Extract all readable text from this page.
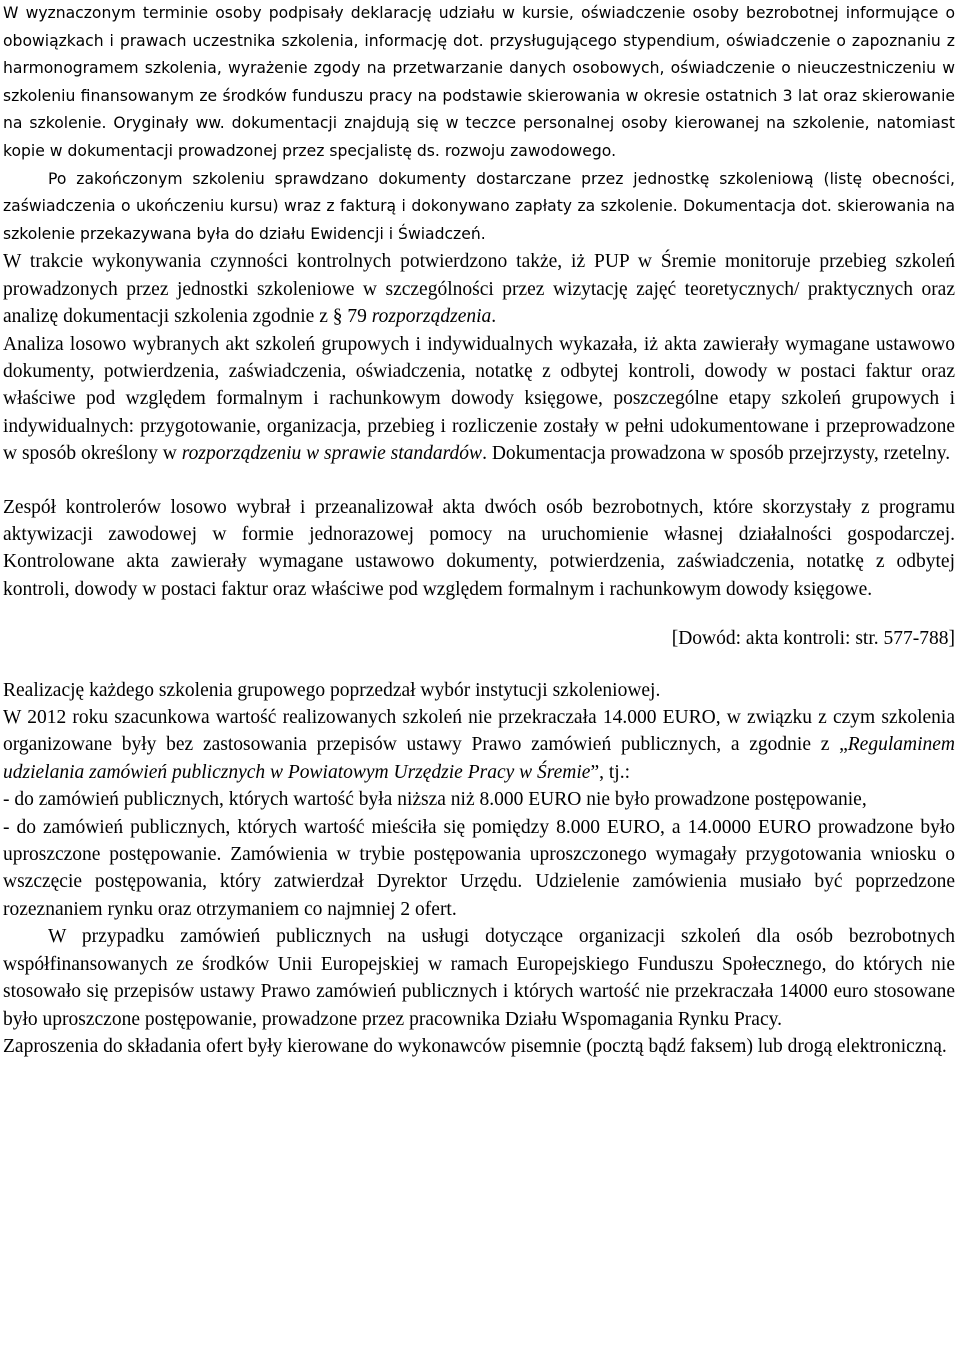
W wyznaczonym terminie osoby podpisały deklarację udziału w kursie, oświadczenie osoby bezrobotnej informujące o obowiązkach i prawach uczestnika szkolenia, informację dot. przysługującego stypendium, oświadczenie o zapoznaniu z harmonogramem szkolenia, wyrażenie zgody na przetwarzanie danych osobowych, oświadczenie o nieuczestniczeniu w szkoleniu finansowanym ze środków funduszu pracy na podstawie skierowania w okresie ostatnich 3 lat oraz skierowanie na szkolenie. Oryginały ww. dokumentacji znajdują się w teczce personalnej osoby kierowanej na szkolenie, natomiast kopie w dokumentacji prowadzonej przez specjalistę ds. rozwoju zawodowego.

Po zakończonym szkoleniu sprawdzano dokumenty dostarczane przez jednostkę szkoleniową (listę obecności, zaświadczenia o ukończeniu kursu) wraz z fakturą i dokonywano zapłaty za szkolenie. Dokumentacja dot. skierowania na szkolenie przekazywana była do działu Ewidencji i Świadczeń.

W trakcie wykonywania czynności kontrolnych potwierdzono także, iż PUP w Śremie monitoruje przebieg szkoleń prowadzonych przez jednostki szkoleniowe w szczególności przez wizytację zajęć teoretycznych/ praktycznych oraz analizę dokumentacji szkolenia zgodnie z § 79 rozporządzenia.

Analiza losowo wybranych akt szkoleń grupowych i indywidualnych wykazała, iż akta zawierały wymagane ustawowo dokumenty, potwierdzenia, zaświadczenia, oświadczenia, notatkę z odbytej kontroli, dowody w postaci faktur oraz właściwe pod względem formalnym i rachunkowym dowody księgowe, poszczególne etapy szkoleń grupowych i indywidualnych: przygotowanie, organizacja, przebieg i rozliczenie zostały w pełni udokumentowane i przeprowadzone w sposób określony w rozporządzeniu w sprawie standardów. Dokumentacja prowadzona w sposób przejrzysty, rzetelny.

Zespół kontrolerów losowo wybrał i przeanalizował akta dwóch osób bezrobotnych, które skorzystały z programu aktywizacji zawodowej w formie jednorazowej pomocy na uruchomienie własnej działalności gospodarczej. Kontrolowane akta zawierały wymagane ustawowo dokumenty, potwierdzenia, zaświadczenia, notatkę z odbytej kontroli, dowody w postaci faktur oraz właściwe pod względem formalnym i rachunkowym dowody księgowe.

[Dowód: akta kontroli: str. 577-788]

Realizację każdego szkolenia grupowego poprzedzał wybór instytucji szkoleniowej.

W 2012 roku szacunkowa wartość realizowanych szkoleń nie przekraczała 14.000 EURO, w związku z czym szkolenia organizowane były bez zastosowania przepisów ustawy Prawo zamówień publicznych, a zgodnie z „Regulaminem udzielania zamówień publicznych w Powiatowym Urzędzie Pracy w Śremie”, tj.:

- do zamówień publicznych, których wartość była niższa niż 8.000 EURO nie było prowadzone postępowanie,

- do zamówień publicznych, których wartość mieściła się pomiędzy 8.000 EURO, a 14.0000 EURO prowadzone było uproszczone postępowanie. Zamówienia w trybie postępowania uproszczonego wymagały przygotowania wniosku o wszczęcie postępowania, który zatwierdzał Dyrektor Urzędu. Udzielenie zamówienia musiało być poprzedzone rozeznaniem rynku oraz otrzymaniem co najmniej 2 ofert.

W przypadku zamówień publicznych na usługi dotyczące organizacji szkoleń dla osób bezrobotnych współfinansowanych ze środków Unii Europejskiej w ramach Europejskiego Funduszu Społecznego, do których nie stosowało się przepisów ustawy Prawo zamówień publicznych i których wartość nie przekraczała 14000 euro stosowane było uproszczone postępowanie, prowadzone przez pracownika Działu Wspomagania Rynku Pracy.

Zaproszenia do składania ofert były kierowane do wykonawców pisemnie (pocztą bądź faksem) lub drogą elektroniczną.
